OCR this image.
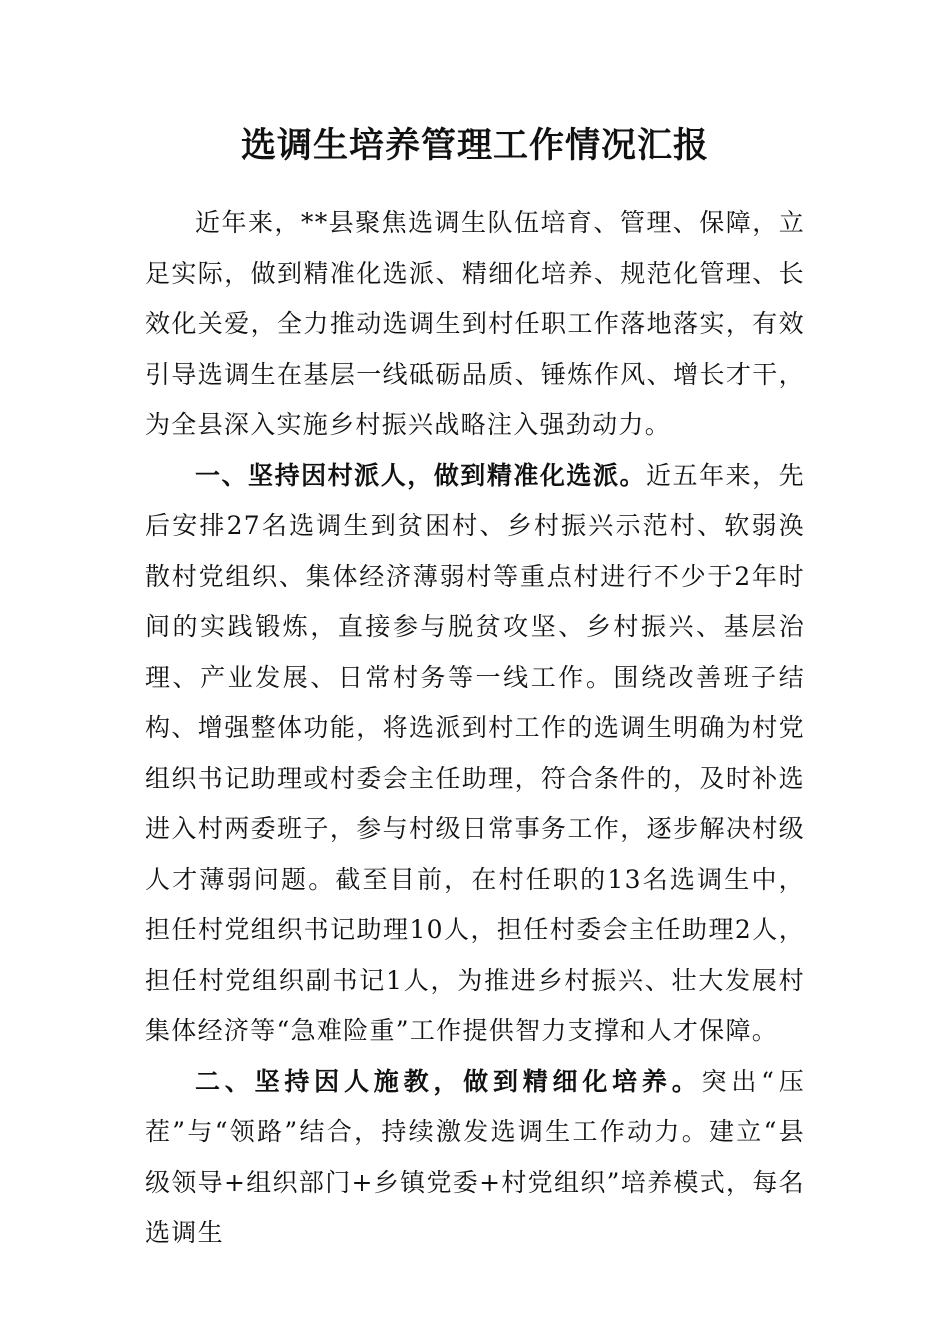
选调生培养管理工作情况汇报

近年来，**县聚焦选调生队伍培育、管理、保障，立足实际，做到精准化选派、精细化培养、规范化管理、长效化关爱，全力推动选调生到村任职工作落地落实，有效引导选调生在基层一线砥砺品质、锤炼作风、增长才干，为全县深入实施乡村振兴战略注入强劲动力。

一、坚持因村派人，做到精准化选派。近五年来，先后安排27名选调生到贫困村、乡村振兴示范村、软弱涣散村党组织、集体经济薄弱村等重点村进行不少于2年时间的实践锻炼，直接参与脱贫攻坚、乡村振兴、基层治理、产业发展、日常村务等一线工作。围绕改善班子结构、增强整体功能，将选派到村工作的选调生明确为村党组织书记助理或村委会主任助理，符合条件的，及时补选进入村两委班子，参与村级日常事务工作，逐步解决村级人才薄弱问题。截至目前，在村任职的13名选调生中，担任村党组织书记助理10人，担任村委会主任助理2人，担任村党组织副书记1人，为推进乡村振兴、壮大发展村集体经济等“急难险重”工作提供智力支撑和人才保障。

二、坚持因人施教，做到精细化培养。突出“压茬”与“领路”结合，持续激发选调生工作动力。建立“县级领导+组织部门+乡镇党委+村党组织”培养模式，每名选调生
